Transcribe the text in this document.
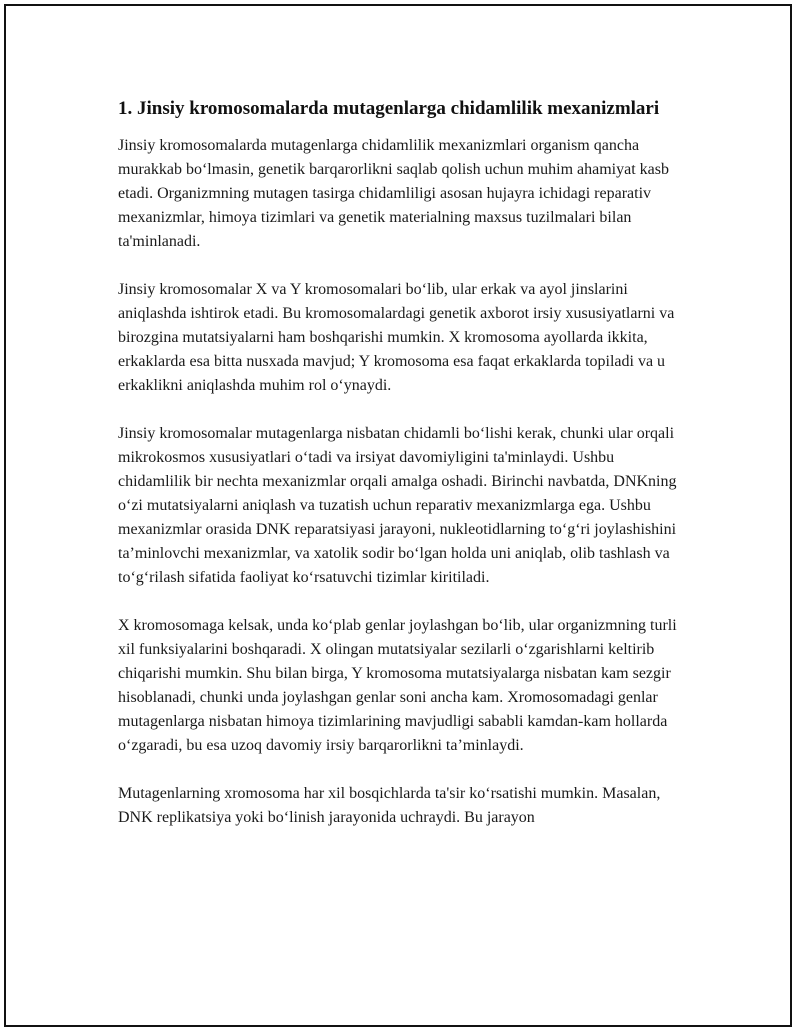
1. Jinsiy kromosomalarda mutagenlarga chidamlilik mexanizmlari

Jinsiy kromosomalarda mutagenlarga chidamlilik mexanizmlari organism qancha murakkab boʻlmasin, genetik barqarorlikni saqlab qolish uchun muhim ahamiyat kasb etadi. Organizmning mutagen tasirga chidamliligi asosan hujayra ichidagi reparativ mexanizmlar, himoya tizimlari va genetik materialning maxsus tuzilmalari bilan ta'minlanadi.

Jinsiy kromosomalar X va Y kromosomalari boʻlib, ular erkak va ayol jinslarini aniqlashda ishtirok etadi. Bu kromosomalardagi genetik axborot irsiy xususiyatlarni va birozgina mutatsiyalarni ham boshqarishi mumkin. X kromosoma ayollarda ikkita, erkaklarda esa bitta nusxada mavjud; Y kromosoma esa faqat erkaklarda topiladi va u erkaklikni aniqlashda muhim rol oʻynaydi.

Jinsiy kromosomalar mutagenlarga nisbatan chidamli boʻlishi kerak, chunki ular orqali mikrokosmos xususiyatlari oʻtadi va irsiyat davomiyligini ta'minlaydi. Ushbu chidamlilik bir nechta mexanizmlar orqali amalga oshadi. Birinchi navbatda, DNKning oʻzi mutatsiyalarni aniqlash va tuzatish uchun reparativ mexanizmlarga ega. Ushbu mexanizmlar orasida DNK reparatsiyasi jarayoni, nukleotidlarning toʻgʻri joylashishini taʼminlovchi mexanizmlar, va xatolik sodir boʻlgan holda uni aniqlab, olib tashlash va toʻgʻrilash sifatida faoliyat koʻrsatuvchi tizimlar kiritiladi.

X kromosomaga kelsak, unda koʻplab genlar joylashgan boʻlib, ular organizmning turli xil funksiyalarini boshqaradi. X olingan mutatsiyalar sezilarli oʻzgarishlarni keltirib chiqarishi mumkin. Shu bilan birga, Y kromosoma mutatsiyalarga nisbatan kam sezgir hisoblanadi, chunki unda joylashgan genlar soni ancha kam. Xromosomadagi genlar mutagenlarga nisbatan himoya tizimlarining mavjudligi sababli kamdan-kam hollarda oʻzgaradi, bu esa uzoq davomiy irsiy barqarorlikni taʼminlaydi.

Mutagenlarning xromosoma har xil bosqichlarda ta'sir koʻrsatishi mumkin. Masalan, DNK replikatsiya yoki boʻlinish jarayonida uchraydi. Bu jarayon
